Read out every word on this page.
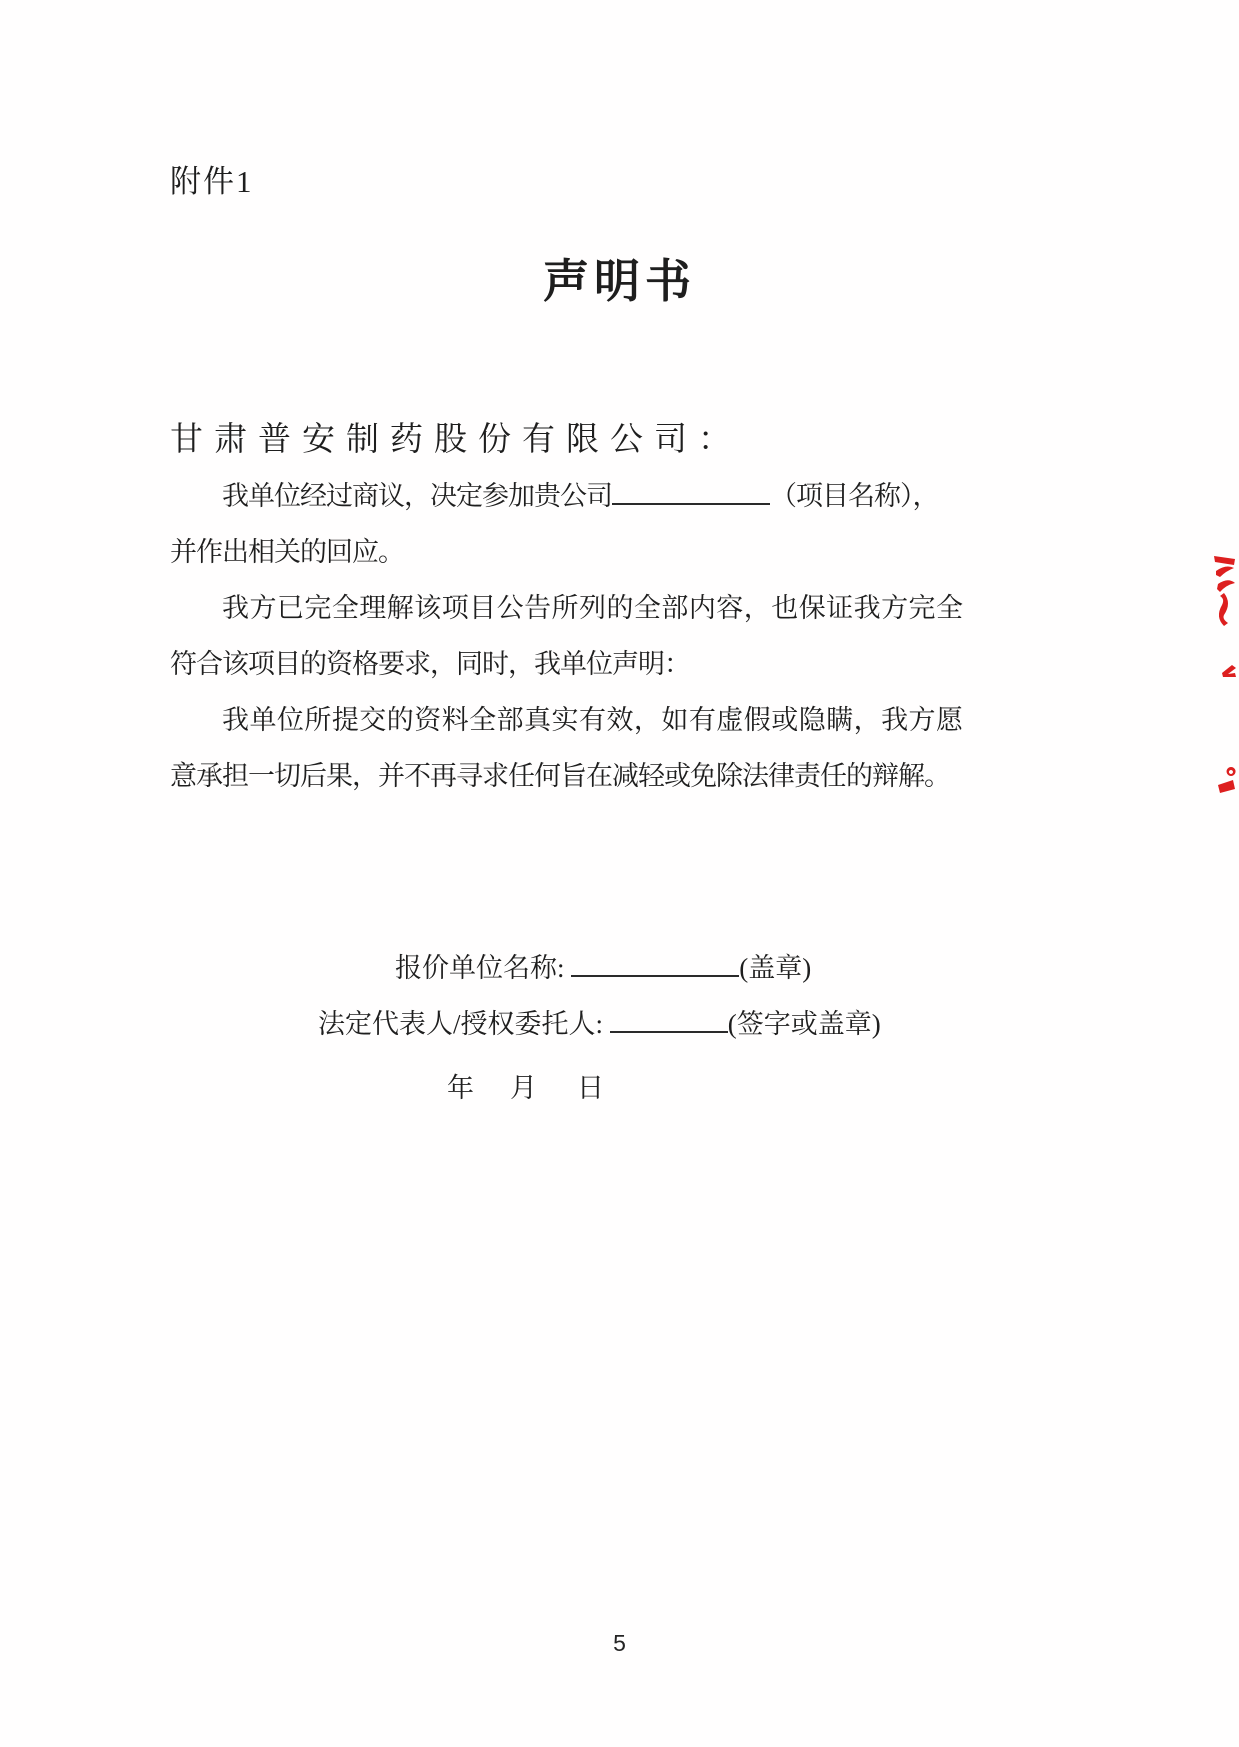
附件1
声明书
甘肃普安制药股份有限公司：
我单位经过商议，决定参加贵公司	（项目名称），
并作出相关的回应。
我方已完全理解该项目公告所列的全部内容，也保证我方完全
符合该项目的资格要求，同时，我单位声明：
我单位所提交的资料全部真实有效，如有虚假或隐瞒，我方愿
意承担一切后果，并不再寻求任何旨在减轻或免除法律责任的辩解。
报价单位名称:	(盖章)
法定代表人/授权委托人:	(签字或盖章)
年 月 日
5
